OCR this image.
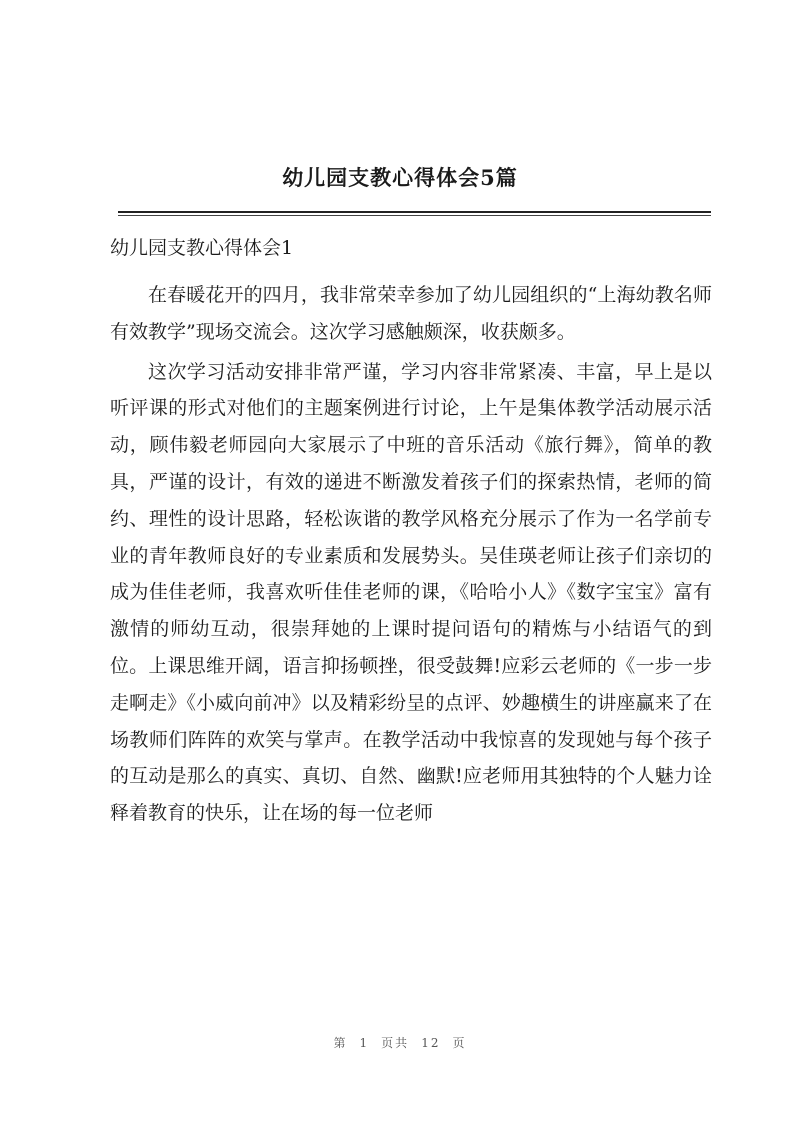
幼儿园支教心得体会5篇
幼儿园支教心得体会1

在春暖花开的四月，我非常荣幸参加了幼儿园组织的“上海幼教名师有效教学”现场交流会。这次学习感触颇深，收获颇多。

这次学习活动安排非常严谨，学习内容非常紧凑、丰富，早上是以听评课的形式对他们的主题案例进行讨论，上午是集体教学活动展示活动，顾伟毅老师园向大家展示了中班的音乐活动《旅行舞》，简单的教具，严谨的设计，有效的递进不断激发着孩子们的探索热情，老师的简约、理性的设计思路，轻松诙谐的教学风格充分展示了作为一名学前专业的青年教师良好的专业素质和发展势头。吴佳瑛老师让孩子们亲切的成为佳佳老师，我喜欢听佳佳老师的课，《哈哈小人》《数字宝宝》富有激情的师幼互动，很崇拜她的上课时提问语句的精炼与小结语气的到位。上课思维开阔，语言抑扬顿挫，很受鼓舞!应彩云老师的《一步一步走啊走》《小威向前冲》以及精彩纷呈的点评、妙趣横生的讲座赢来了在场教师们阵阵的欢笑与掌声。在教学活动中我惊喜的发现她与每个孩子的互动是那么的真实、真切、自然、幽默!应老师用其独特的个人魅力诠释着教育的快乐，让在场的每一位老师

第 1 页共 12 页
